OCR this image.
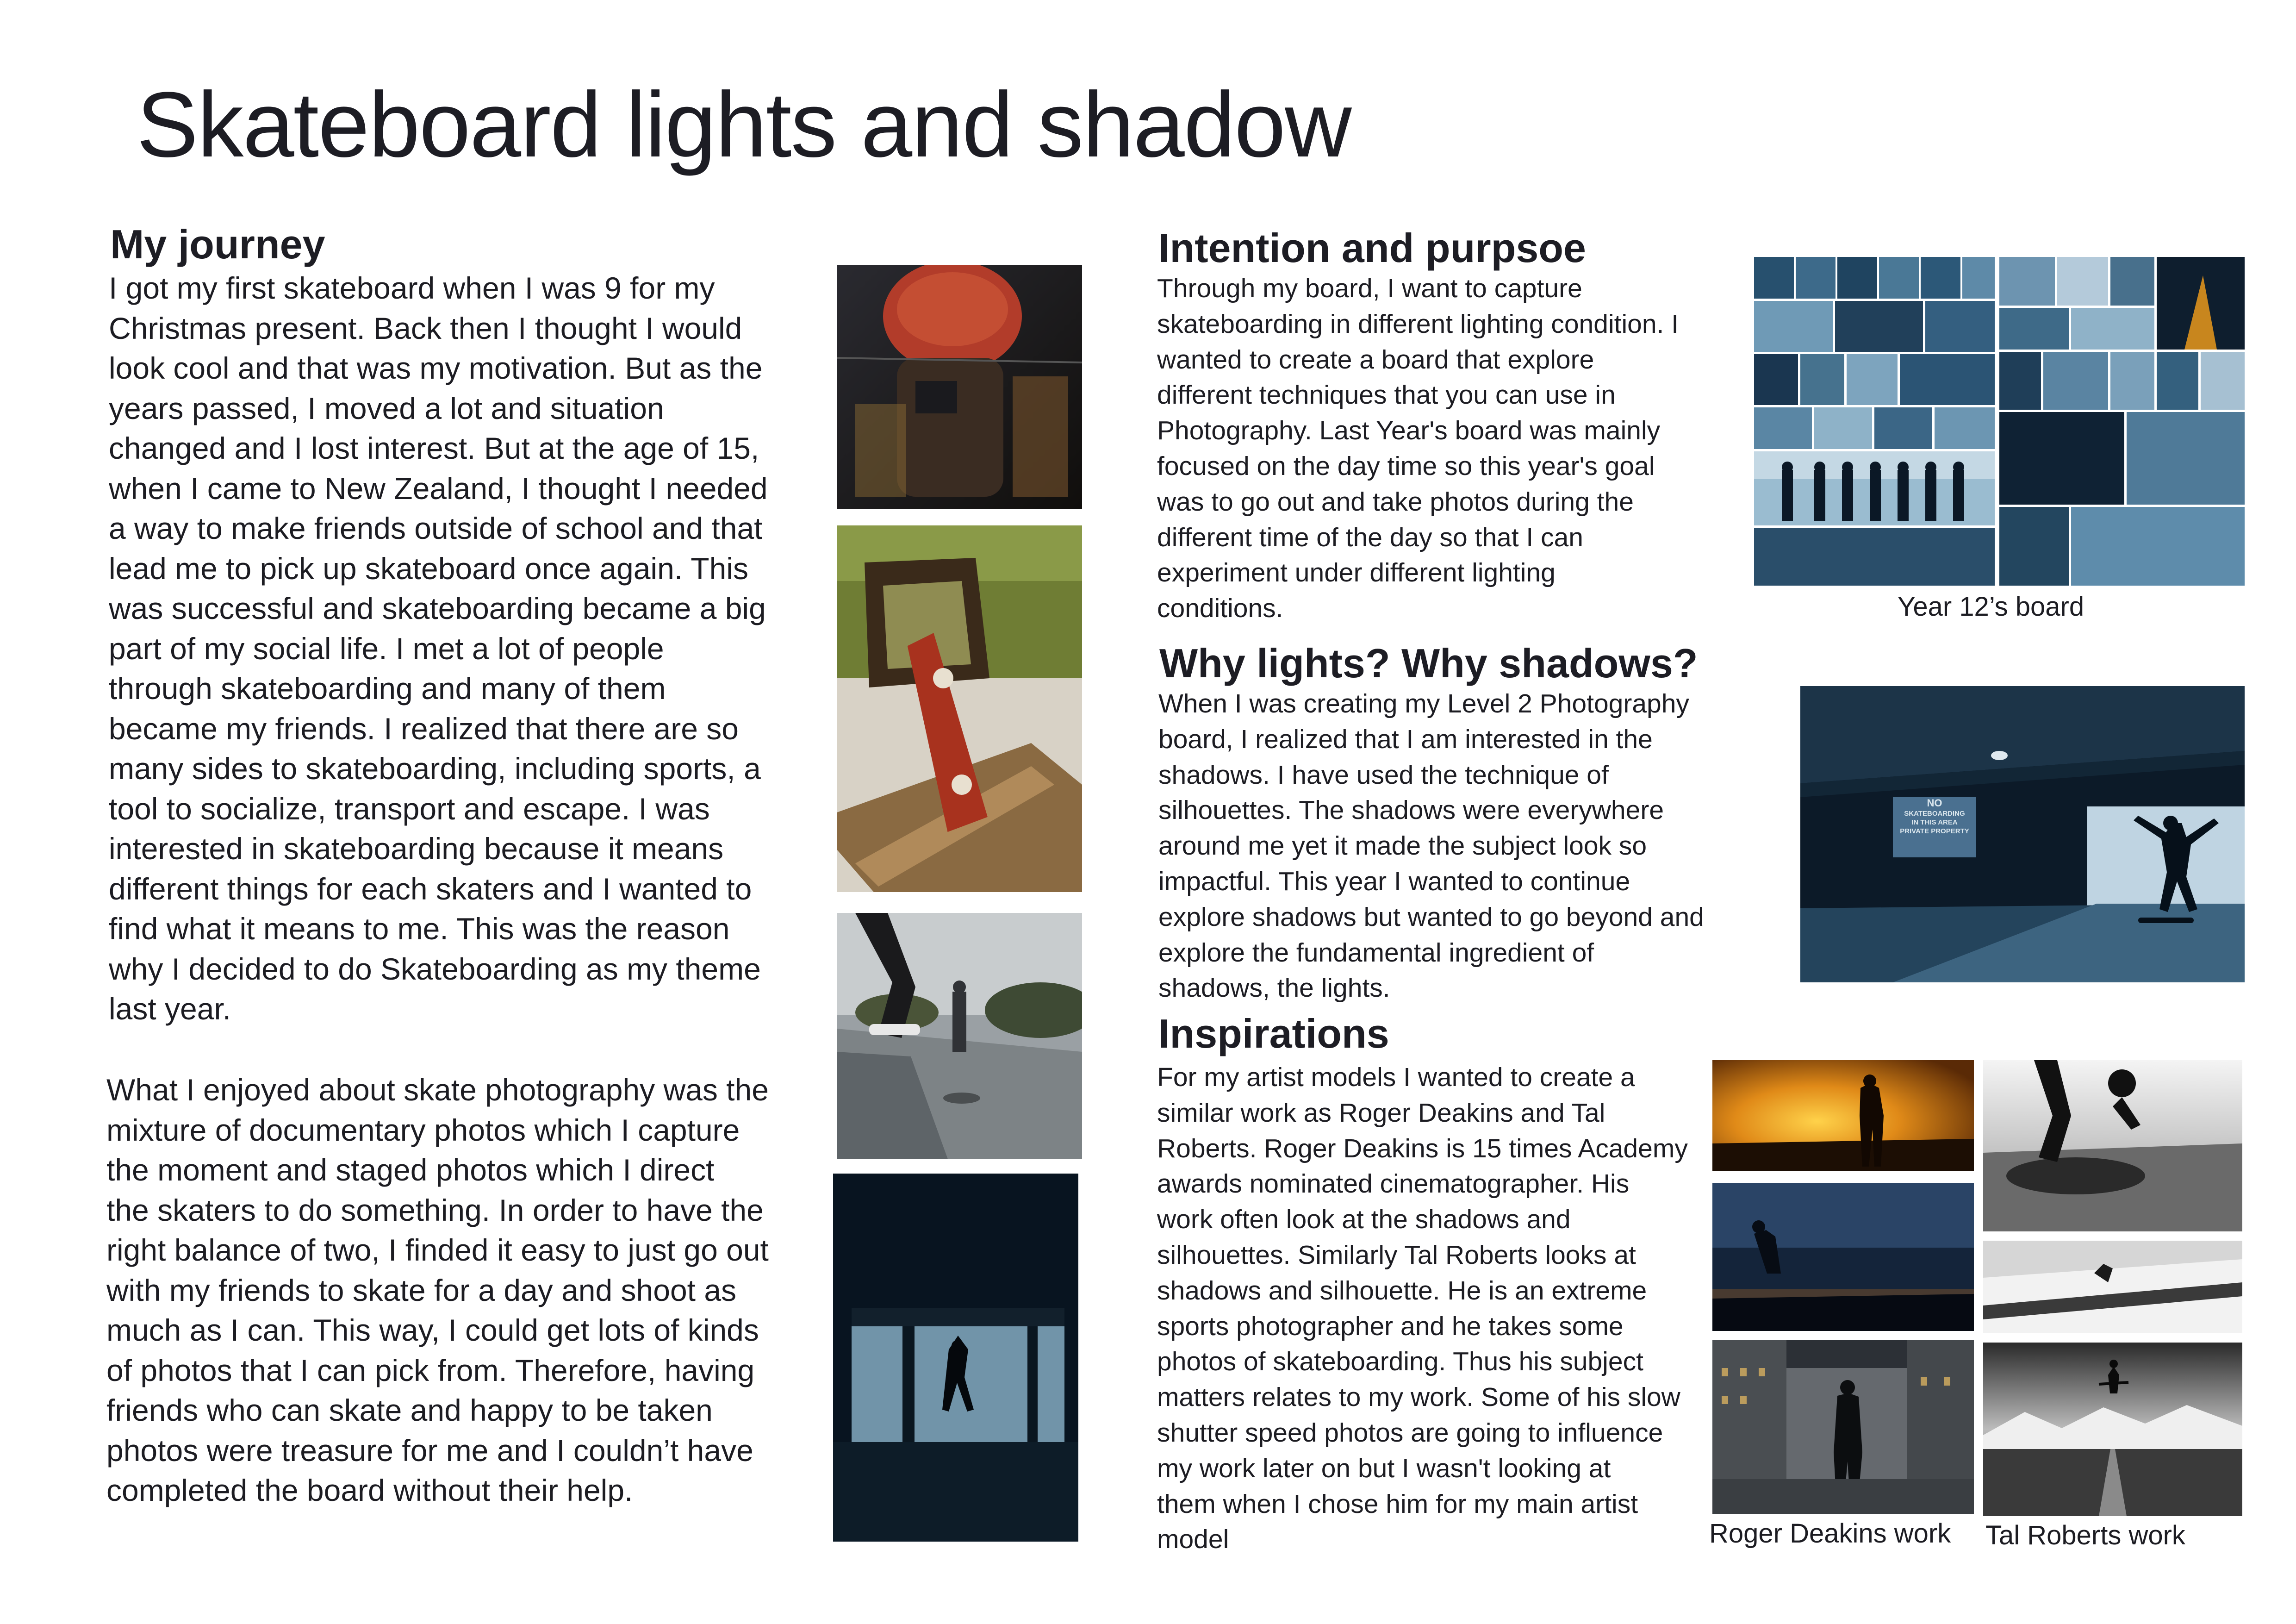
Skateboard lights and shadow
My journey
I got my first skateboard when I was 9 for my
Christmas present. Back then I thought I would
look cool and that was my motivation. But as the
years passed, I moved a lot and situation
changed and I lost interest. But at the age of 15,
when I came to New Zealand, I thought I needed
a way to make friends outside of school and that
lead me to pick up skateboard once again. This
was successful and skateboarding became a big
part of my social life. I met a lot of people
through skateboarding and many of them
became my friends. I realized that there are so
many sides to skateboarding, including sports, a
tool to socialize, transport and escape. I was
interested in skateboarding because it means
different things for each skaters and I wanted to
find what it means to me. This was the reason
why I decided to do Skateboarding as my theme
last year.
What I enjoyed about skate photography was the
mixture of documentary photos which I capture
the moment and staged photos which I direct
the skaters to do something. In order to have the
right balance of two, I finded it easy to just go out
with my friends to skate for a day and shoot as
much as I can. This way, I could get lots of kinds
of photos that I can pick from. Therefore, having
friends who can skate and happy to be taken
photos were treasure for me and I couldn’t have
completed the board without their help.
Intention and purpsoe
Through my board, I want to capture
skateboarding in different lighting condition. I
wanted to create a board that explore
different techniques that you can use in
Photography. Last Year's board was mainly
focused on the day time so this year's goal
was to go out and take photos during the
different time of the day so that I can
experiment under different lighting
conditions.	Year 12’s board
Why lights? Why shadows?
When I was creating my Level 2 Photography
board, I realized that I am interested in the
shadows. I have used the technique of
silhouettes. The shadows were everywhere
around me yet it made the subject look so
impactful. This year I wanted to continue
explore shadows but wanted to go beyond and
explore the fundamental ingredient of
shadows, the lights.
NO
SKATEBOARDING
IN THIS AREA
PRIVATE PROPERTY
Inspirations
For my artist models I wanted to create a
similar work as Roger Deakins and Tal
Roberts. Roger Deakins is 15 times Academy
awards nominated cinematographer. His
work often look at the shadows and
silhouettes. Similarly Tal Roberts looks at
shadows and silhouette. He is an extreme
sports photographer and he takes some
photos of skateboarding. Thus his subject
matters relates to my work. Some of his slow
shutter speed photos are going to influence
my work later on but I wasn't looking at
them when I chose him for my main artist
model	Roger Deakins work Tal Roberts work
